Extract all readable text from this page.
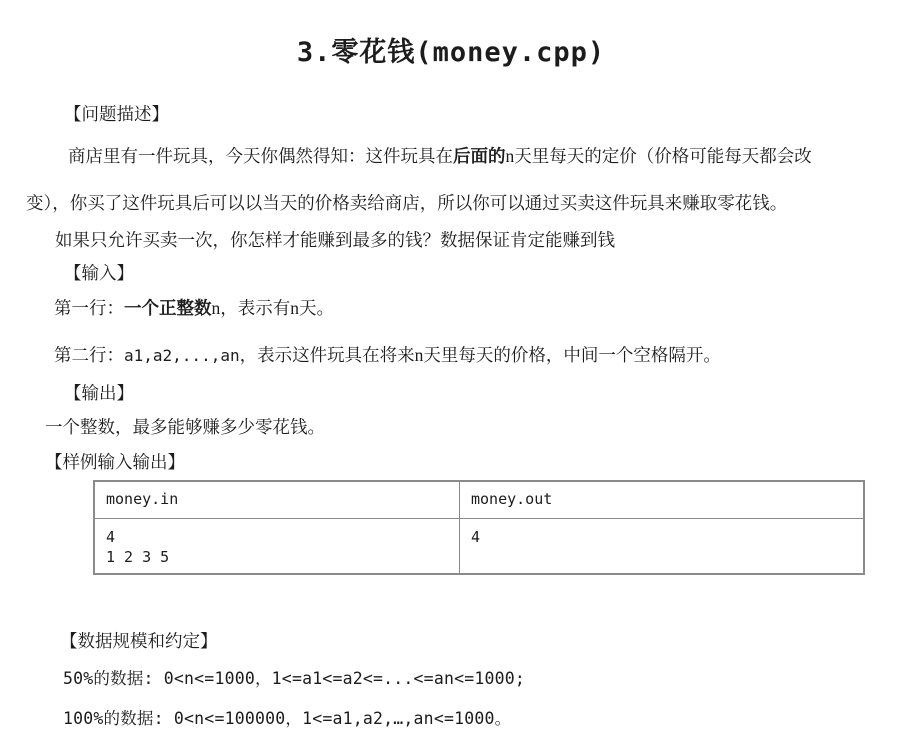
3.零花钱(money.cpp)
【问题描述】
商店里有一件玩具，今天你偶然得知：这件玩具在后面的n天里每天的定价（价格可能每天都会改
变），你买了这件玩具后可以以当天的价格卖给商店，所以你可以通过买卖这件玩具来赚取零花钱。
如果只允许买卖一次，你怎样才能赚到最多的钱？数据保证肯定能赚到钱
【输入】
第一行：一个正整数n，表示有n天。
第二行：a1,a2,...,an，表示这件玩具在将来n天里每天的价格，中间一个空格隔开。
【输出】
一个整数，最多能够赚多少零花钱。
【样例输入输出】
money.in	money.out

4
1 2 3 5	4
【数据规模和约定】
50%的数据: 0<n<=1000，1<=a1<=a2<=...<=an<=1000;
100%的数据: 0<n<=100000，1<=a1,a2,…,an<=1000。
